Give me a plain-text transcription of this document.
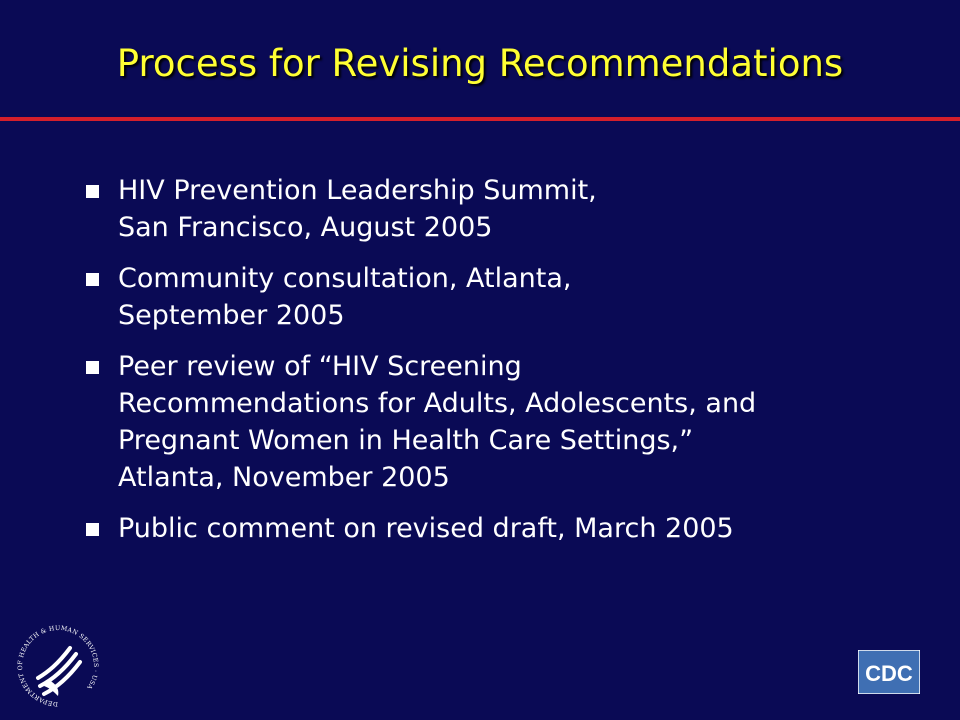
Process for Revising Recommendations
HIV Prevention Leadership Summit,
San Francisco, August 2005
Community consultation, Atlanta,
September 2005
Peer review of “HIV Screening
Recommendations for Adults, Adolescents, and
Pregnant Women in Health Care Settings,”
Atlanta, November 2005
Public comment on revised draft, March 2005
DEPARTMENT OF HEALTH & HUMAN SERVICES · USA
CDC
